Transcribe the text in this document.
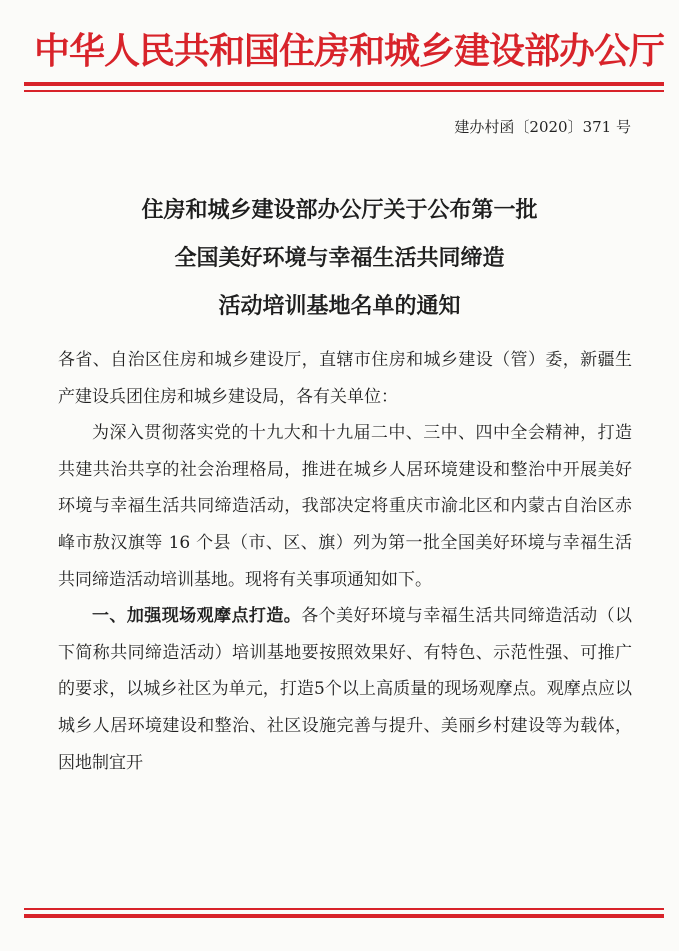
中华人民共和国住房和城乡建设部办公厅
建办村函〔2020〕371 号
住房和城乡建设部办公厅关于公布第一批
全国美好环境与幸福生活共同缔造
活动培训基地名单的通知

各省、自治区住房和城乡建设厅，直辖市住房和城乡建设（管）委，新疆生产建设兵团住房和城乡建设局，各有关单位：

为深入贯彻落实党的十九大和十九届二中、三中、四中全会精神，打造共建共治共享的社会治理格局，推进在城乡人居环境建设和整治中开展美好环境与幸福生活共同缔造活动，我部决定将重庆市渝北区和内蒙古自治区赤峰市敖汉旗等 16 个县（市、区、旗）列为第一批全国美好环境与幸福生活共同缔造活动培训基地。现将有关事项通知如下。

一、加强现场观摩点打造。各个美好环境与幸福生活共同缔造活动（以下简称共同缔造活动）培训基地要按照效果好、有特色、示范性强、可推广的要求，以城乡社区为单元，打造5个以上高质量的现场观摩点。观摩点应以城乡人居环境建设和整治、社区设施完善与提升、美丽乡村建设等为载体，因地制宜开
